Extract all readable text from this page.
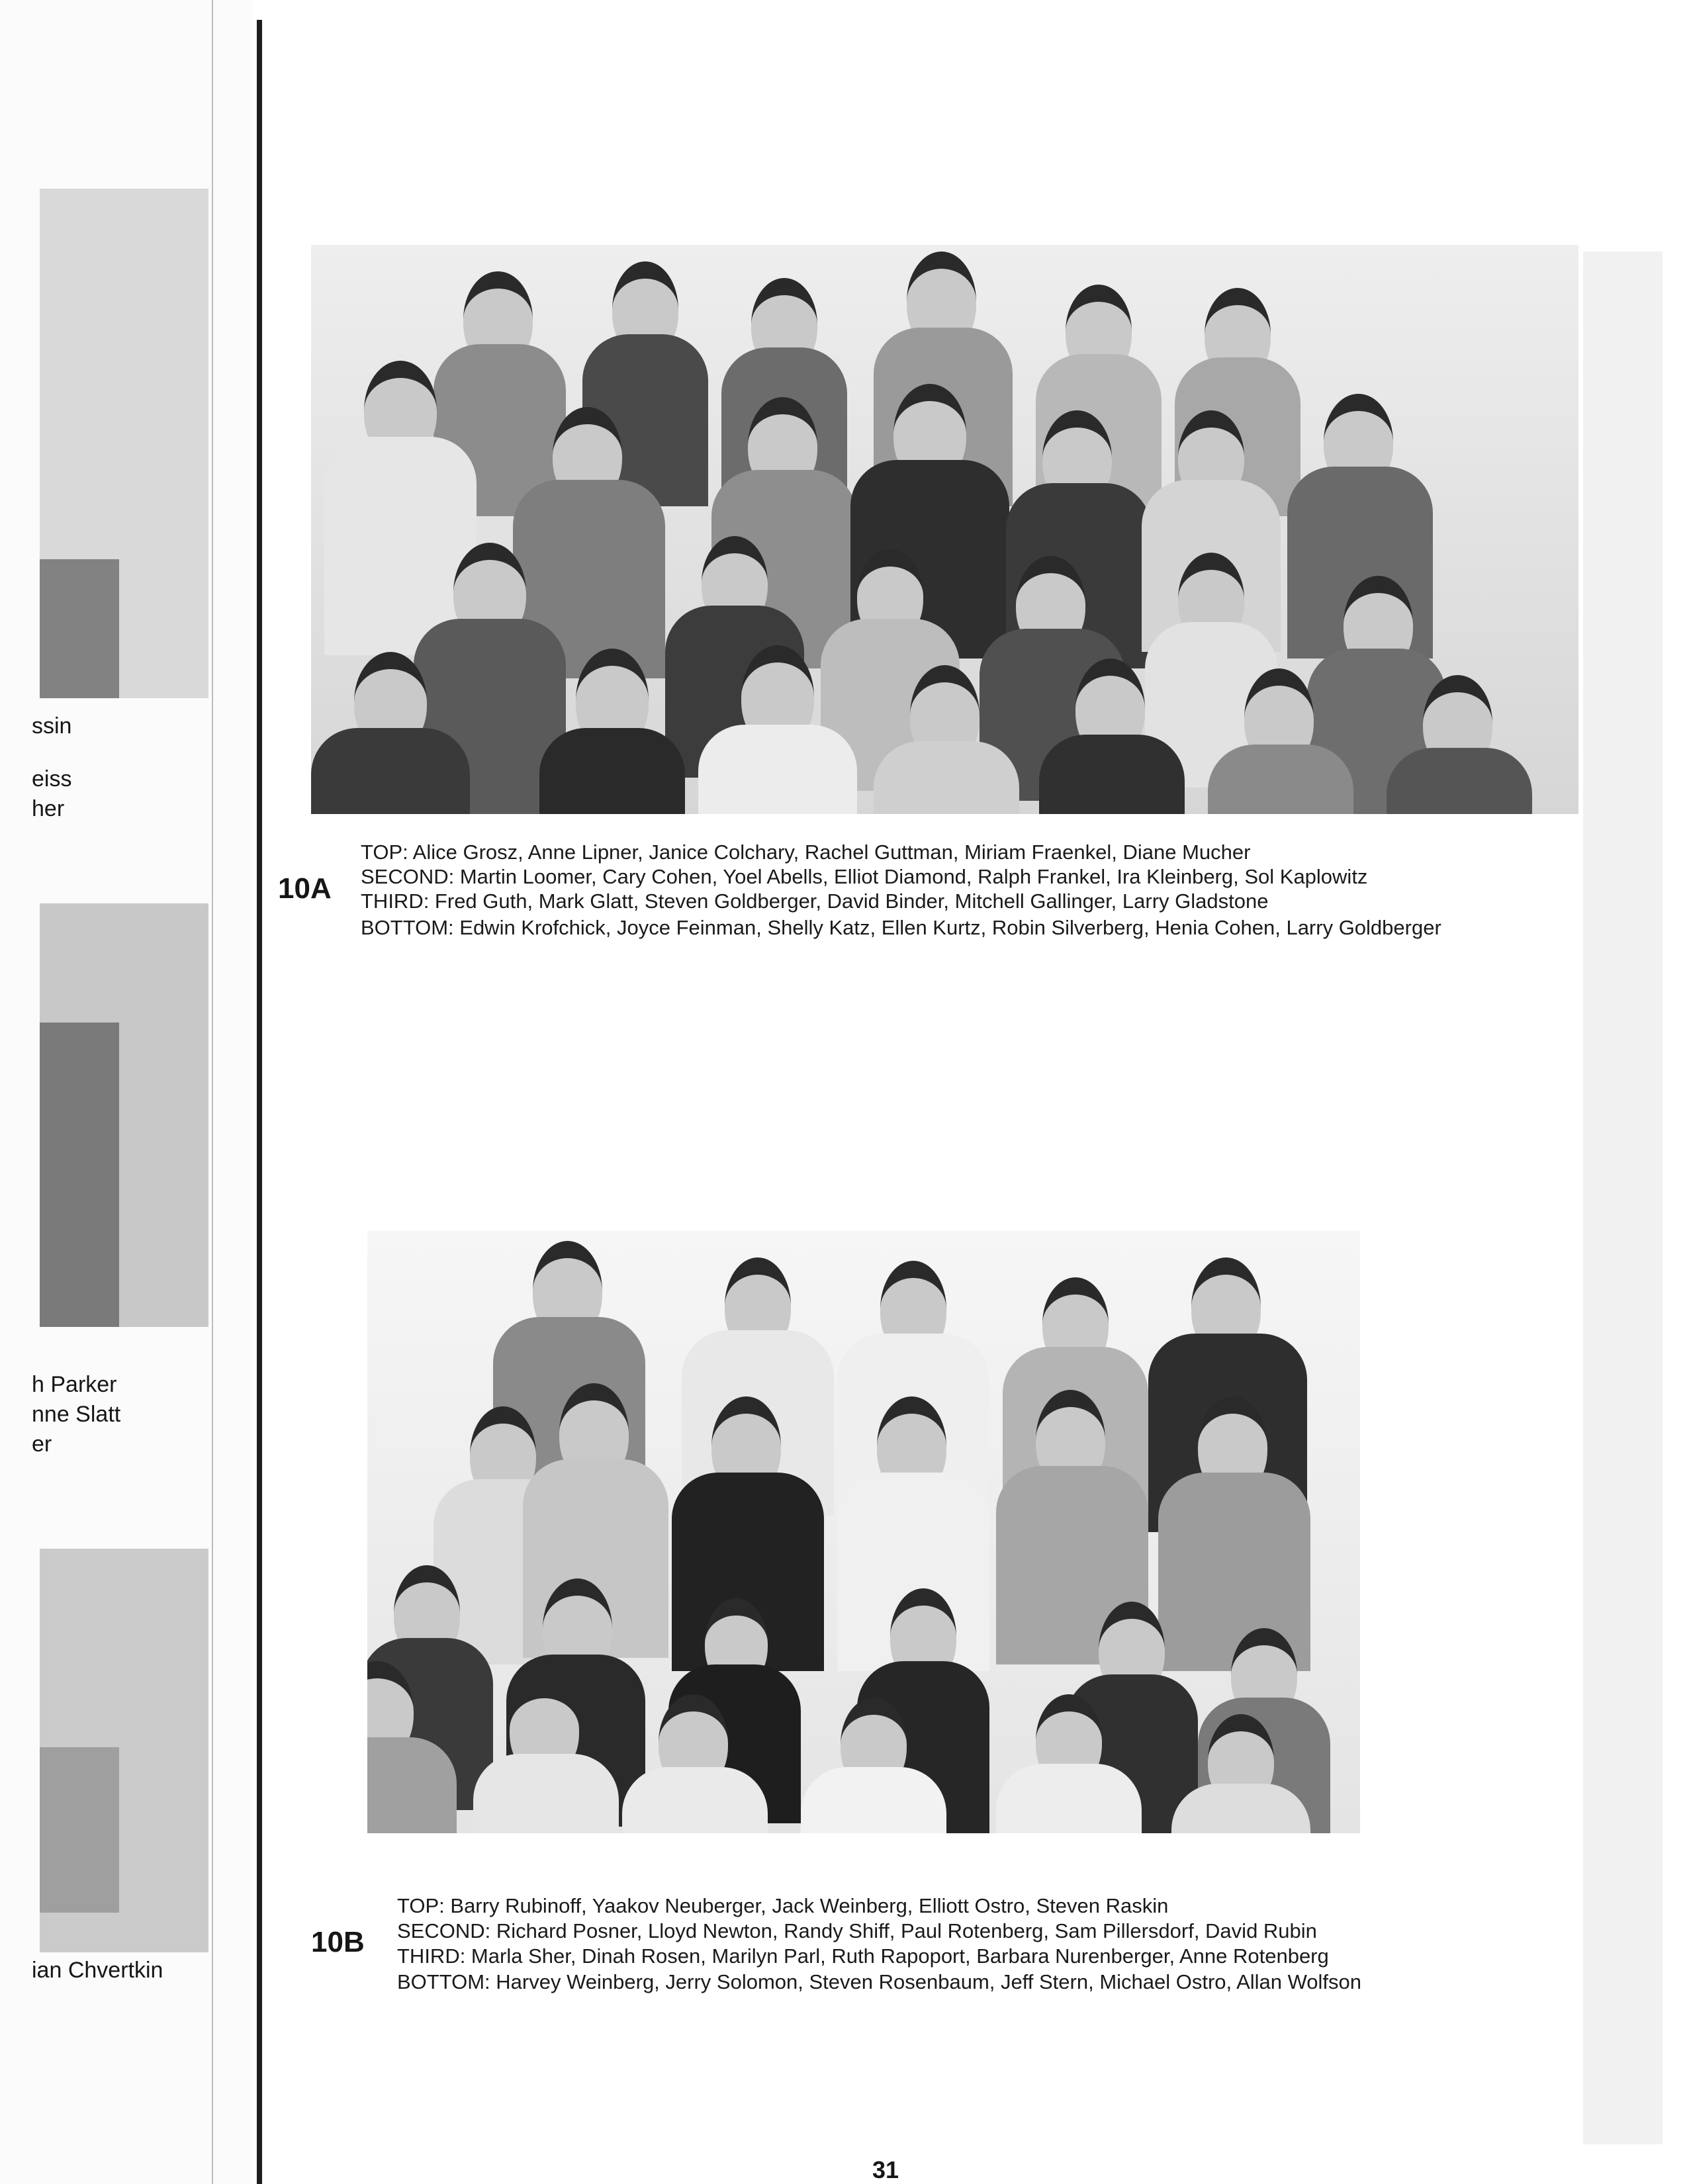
ssin
eiss
her
h Parker
nne Slatt
er
ian Chvertkin
10A
TOP: Alice Grosz, Anne Lipner, Janice Colchary, Rachel Guttman, Miriam Fraenkel, Diane Mucher
SECOND: Martin Loomer, Cary Cohen, Yoel Abells, Elliot Diamond, Ralph Frankel, Ira Kleinberg, Sol Kaplowitz
THIRD: Fred Guth, Mark Glatt, Steven Goldberger, David Binder, Mitchell Gallinger, Larry Gladstone
BOTTOM: Edwin Krofchick, Joyce Feinman, Shelly Katz, Ellen Kurtz, Robin Silverberg, Henia Cohen, Larry Goldberger
10B
TOP: Barry Rubinoff, Yaakov Neuberger, Jack Weinberg, Elliott Ostro, Steven Raskin
SECOND: Richard Posner, Lloyd Newton, Randy Shiff, Paul Rotenberg, Sam Pillersdorf, David Rubin
THIRD: Marla Sher, Dinah Rosen, Marilyn Parl, Ruth Rapoport, Barbara Nurenberger, Anne Rotenberg
BOTTOM: Harvey Weinberg, Jerry Solomon, Steven Rosenbaum, Jeff Stern, Michael Ostro, Allan Wolfson
31
